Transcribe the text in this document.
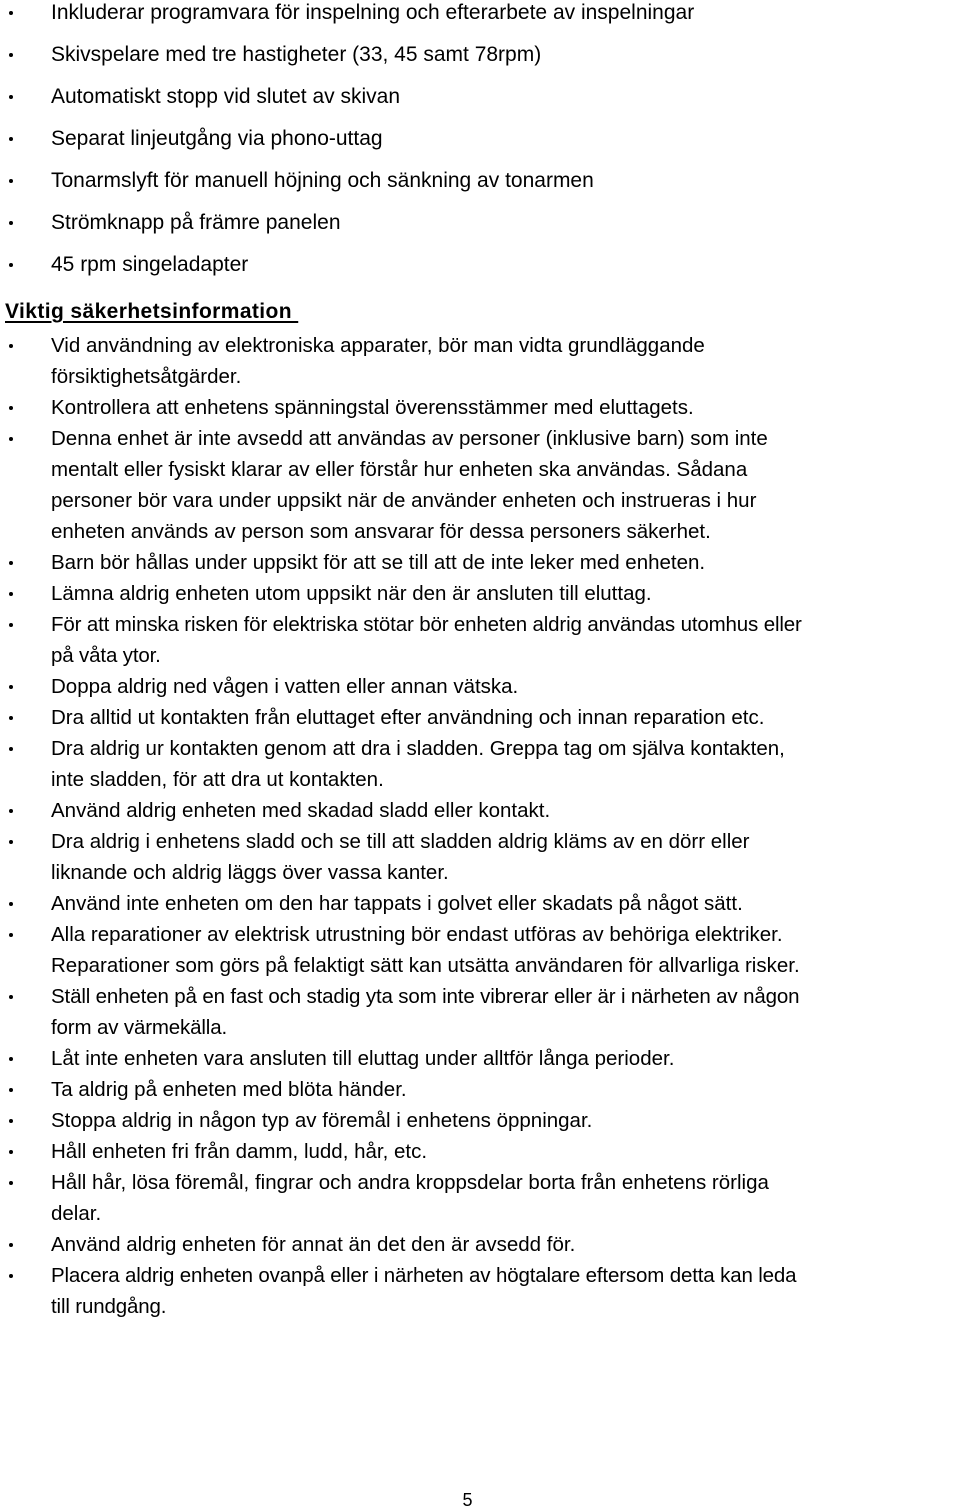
Inkluderar programvara för inspelning och efterarbete av inspelningar
Skivspelare med tre hastigheter (33, 45 samt 78rpm)
Automatiskt stopp vid slutet av skivan
Separat linjeutgång via phono-uttag
Tonarmslyft för manuell höjning och sänkning av tonarmen
Strömknapp på främre panelen
45 rpm singeladapter
Viktig säkerhetsinformation
Vid användning av elektroniska apparater, bör man vidta grundläggande
försiktighetsåtgärder.
Kontrollera att enhetens spänningstal överensstämmer med eluttagets.
Denna enhet är inte avsedd att användas av personer (inklusive barn) som inte
mentalt eller fysiskt klarar av eller förstår hur enheten ska användas. Sådana
personer bör vara under uppsikt när de använder enheten och instrueras i hur
enheten används av person som ansvarar för dessa personers säkerhet.
Barn bör hållas under uppsikt för att se till att de inte leker med enheten.
Lämna aldrig enheten utom uppsikt när den är ansluten till eluttag.
För att minska risken för elektriska stötar bör enheten aldrig användas utomhus eller
på våta ytor.
Doppa aldrig ned vågen i vatten eller annan vätska.
Dra alltid ut kontakten från eluttaget efter användning och innan reparation etc.
Dra aldrig ur kontakten genom att dra i sladden. Greppa tag om själva kontakten,
inte sladden, för att dra ut kontakten.
Använd aldrig enheten med skadad sladd eller kontakt.
Dra aldrig i enhetens sladd och se till att sladden aldrig kläms av en dörr eller
liknande och aldrig läggs över vassa kanter.
Använd inte enheten om den har tappats i golvet eller skadats på något sätt.
Alla reparationer av elektrisk utrustning bör endast utföras av behöriga elektriker.
Reparationer som görs på felaktigt sätt kan utsätta användaren för allvarliga risker.
Ställ enheten på en fast och stadig yta som inte vibrerar eller är i närheten av någon
form av värmekälla.
Låt inte enheten vara ansluten till eluttag under alltför långa perioder.
Ta aldrig på enheten med blöta händer.
Stoppa aldrig in någon typ av föremål i enhetens öppningar.
Håll enheten fri från damm, ludd, hår, etc.
Håll hår, lösa föremål, fingrar och andra kroppsdelar borta från enhetens rörliga
delar.
Använd aldrig enheten för annat än det den är avsedd för.
Placera aldrig enheten ovanpå eller i närheten av högtalare eftersom detta kan leda
till rundgång.
5
